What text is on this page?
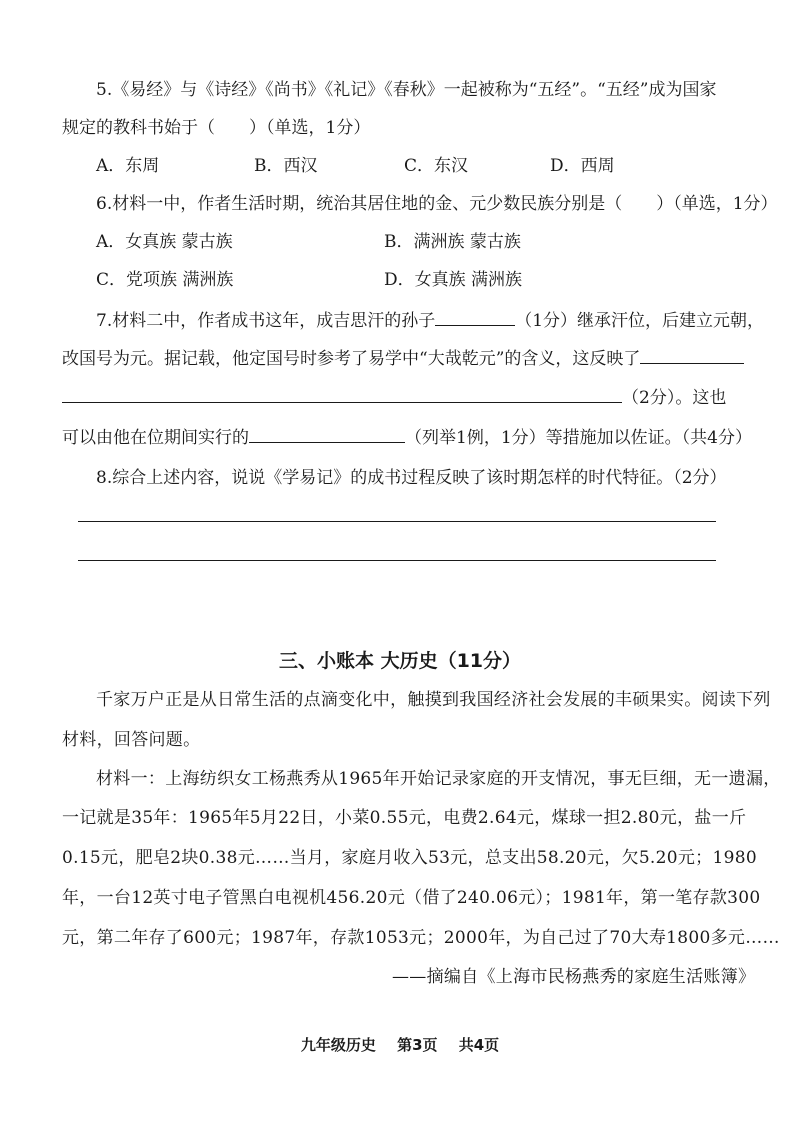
5.《易经》与《诗经》《尚书》《礼记》《春秋》一起被称为“五经”。“五经”成为国家
规定的教科书始于（　　）（单选，1分）
A．东周	B．西汉	C．东汉	D．西周
6.材料一中，作者生活时期，统治其居住地的金、元少数民族分别是（　　）（单选，1分）
A．女真族 蒙古族	B．满洲族 蒙古族
C．党项族 满洲族	D．女真族 满洲族
7.材料二中，作者成书这年，成吉思汗的孙子	（1分）继承汗位，后建立元朝，
改国号为元。据记载，他定国号时参考了易学中“大哉乾元”的含义，这反映了
（2分）。这也
可以由他在位期间实行的	（列举1例，1分）等措施加以佐证。（共4分）
8.综合上述内容，说说《学易记》的成书过程反映了该时期怎样的时代特征。（2分）
三、小账本 大历史（11分）
千家万户正是从日常生活的点滴变化中，触摸到我国经济社会发展的丰硕果实。阅读下列
材料，回答问题。
材料一：上海纺织女工杨燕秀从1965年开始记录家庭的开支情况，事无巨细，无一遗漏，
一记就是35年：1965年5月22日，小菜0.55元，电费2.64元，煤球一担2.80元，盐一斤
0.15元，肥皂2块0.38元……当月，家庭月收入53元，总支出58.20元，欠5.20元；1980
年，一台12英寸电子管黑白电视机456.20元（借了240.06元）；1981年，第一笔存款300
元，第二年存了600元；1987年，存款1053元；2000年，为自己过了70大寿1800多元……
——摘编自《上海市民杨燕秀的家庭生活账簿》
九年级历史 第3页 共4页
